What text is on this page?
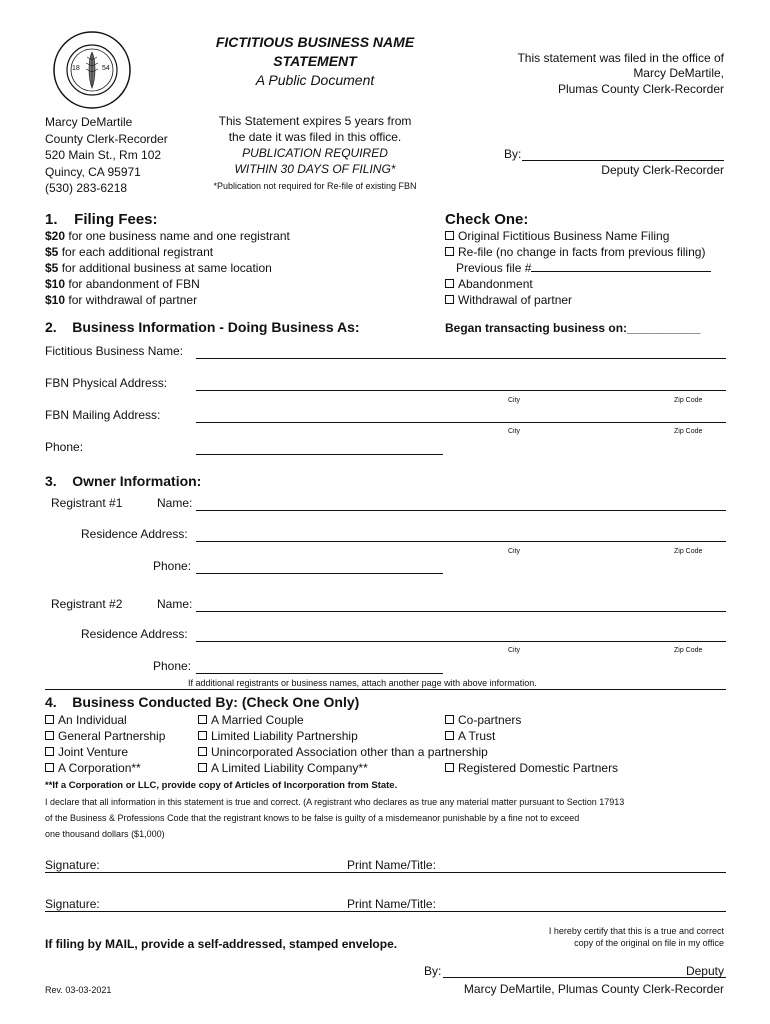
18	54
FICTITIOUS BUSINESS NAME
STATEMENT
A Public Document
This statement was filed in the office of
Marcy DeMartile,
Plumas County Clerk-Recorder
Marcy DeMartile
County Clerk-Recorder
520 Main St., Rm 102
Quincy, CA 95971
(530) 283-6218
This Statement expires 5 years from
the date it was filed in this office.
PUBLICATION REQUIRED
WITHIN 30 DAYS OF FILING*
*Publication not required for Re-file of existing FBN
By:
Deputy Clerk-Recorder
1.    Filing Fees:
$20 for one business name and one registrant
$5 for each additional registrant
$5 for additional business at same location
$10 for abandonment of FBN
$10 for withdrawal of partner
Check One:
Original Fictitious Business Name Filing
Re-file (no change in facts from previous filing)
Previous file #
Abandonment
Withdrawal of partner
2.    Business Information - Doing Business As:	Began transacting business on:___________
Fictitious Business Name:
FBN Physical Address:
City	Zip Code
FBN Mailing Address:
City	Zip Code
Phone:
3.    Owner Information:
Registrant #1	Name:
Residence Address:
City	Zip Code
Phone:
Registrant #2	Name:
Residence Address:
City	Zip Code
Phone:
If additional registrants or business names, attach another page with above information.
4.    Business Conducted By: (Check One Only)
An Individual
General Partnership
Joint Venture
A Corporation**
A Married Couple
Limited Liability Partnership
Unincorporated Association other than a partnership
A Limited Liability Company**
Co-partners
A Trust
Registered Domestic Partners
**If a Corporation or LLC, provide copy of Articles of Incorporation from State.
I declare that all information in this statement is true and correct. (A registrant who declares as true any material matter pursuant to Section 17913
of the Business & Professions Code that the registrant knows to be false is guilty of a misdemeanor punishable by a fine not to exceed
one thousand dollars ($1,000)
Signature:	Print Name/Title:
Signature:	Print Name/Title:
If filing by MAIL, provide a self-addressed, stamped envelope.
I hereby certify that this is a true and correct
copy of the original on file in my office
By:	Deputy
Marcy DeMartile, Plumas County Clerk-Recorder
Rev. 03-03-2021
